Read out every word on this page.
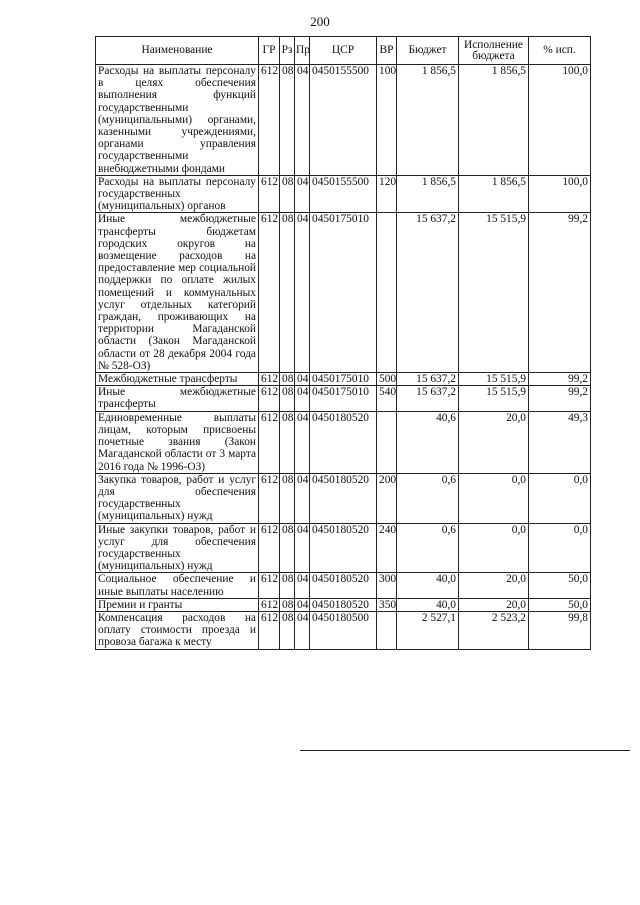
200
Наименование	ГР	Рз	Пр	ЦСР	ВР	Бюджет	Исполнение бюджета	% исп.
Расходы на выплаты персоналу в целях обеспечения выполнения функций государственными (муниципальными) органами, казенными учреждениями, органами управления государственными внебюджетными фондами	612	08	04	0450155500	100	1 856,5	1 856,5	100,0
Расходы на выплаты персоналу государственных (муниципальных) органов	612	08	04	0450155500	120	1 856,5	1 856,5	100,0
Иные межбюджетные трансферты бюджетам городских округов на возмещение расходов на предоставление мер социальной поддержки по оплате жилых помещений и коммунальных услуг отдельных категорий граждан, проживающих на территории Магаданской области (Закон Магаданской области от 28 декабря 2004 года № 528-ОЗ)	612	08	04	0450175010		15 637,2	15 515,9	99,2
Межбюджетные трансферты	612	08	04	0450175010	500	15 637,2	15 515,9	99,2
Иные межбюджетные трансферты	612	08	04	0450175010	540	15 637,2	15 515,9	99,2
Единовременные выплаты лицам, которым присвоены почетные звания (Закон Магаданской области от 3 марта 2016 года № 1996-ОЗ)	612	08	04	0450180520		40,6	20,0	49,3
Закупка товаров, работ и услуг для обеспечения государственных (муниципальных) нужд	612	08	04	0450180520	200	0,6	0,0	0,0
Иные закупки товаров, работ и услуг для обеспечения государственных (муниципальных) нужд	612	08	04	0450180520	240	0,6	0,0	0,0
Социальное обеспечение и иные выплаты населению	612	08	04	0450180520	300	40,0	20,0	50,0
Премии и гранты	612	08	04	0450180520	350	40,0	20,0	50,0
Компенсация расходов на оплату стоимости проезда и провоза багажа к месту	612	08	04	0450180500		2 527,1	2 523,2	99,8
